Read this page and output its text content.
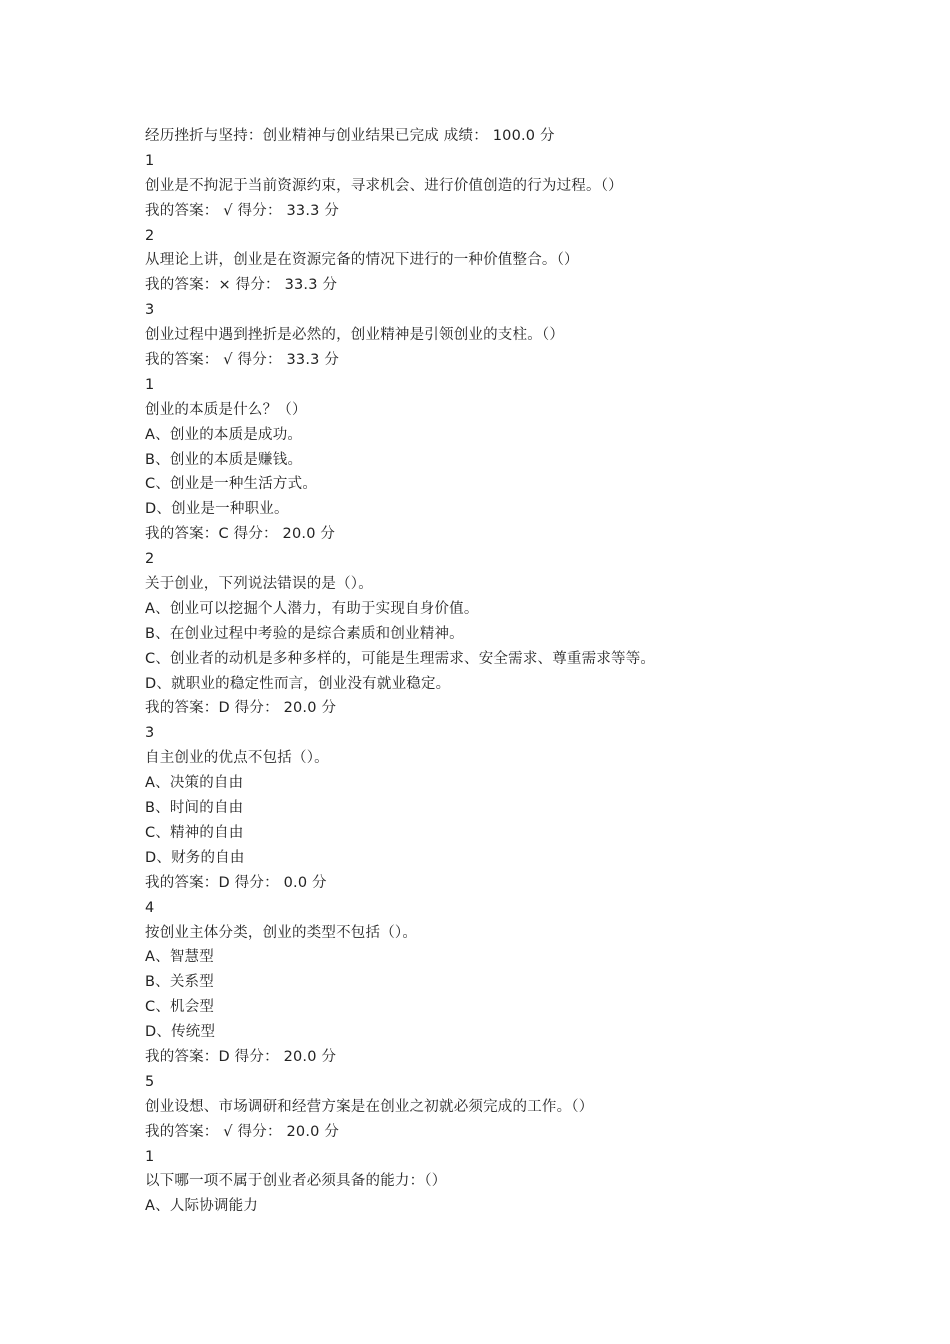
经历挫折与坚持：创业精神与创业结果已完成 成绩： 100.0 分
1
创业是不拘泥于当前资源约束，寻求机会、进行价值创造的行为过程。（）
我的答案： √ 得分： 33.3 分
2
从理论上讲，创业是在资源完备的情况下进行的一种价值整合。（）
我的答案：× 得分： 33.3 分
3
创业过程中遇到挫折是必然的，创业精神是引领创业的支柱。（）
我的答案： √ 得分： 33.3 分
1
创业的本质是什么？（）
A、创业的本质是成功。
B、创业的本质是赚钱。
C、创业是一种生活方式。
D、创业是一种职业。
我的答案：C 得分： 20.0 分
2
关于创业，下列说法错误的是（）。
A、创业可以挖掘个人潜力，有助于实现自身价值。
B、在创业过程中考验的是综合素质和创业精神。
C、创业者的动机是多种多样的，可能是生理需求、安全需求、尊重需求等等。
D、就职业的稳定性而言，创业没有就业稳定。
我的答案：D 得分： 20.0 分
3
自主创业的优点不包括（）。
A、决策的自由
B、时间的自由
C、精神的自由
D、财务的自由
我的答案：D 得分： 0.0 分
4
按创业主体分类，创业的类型不包括（）。
A、智慧型
B、关系型
C、机会型
D、传统型
我的答案：D 得分： 20.0 分
5
创业设想、市场调研和经营方案是在创业之初就必须完成的工作。（）
我的答案： √ 得分： 20.0 分
1
以下哪一项不属于创业者必须具备的能力：（）
A、人际协调能力
